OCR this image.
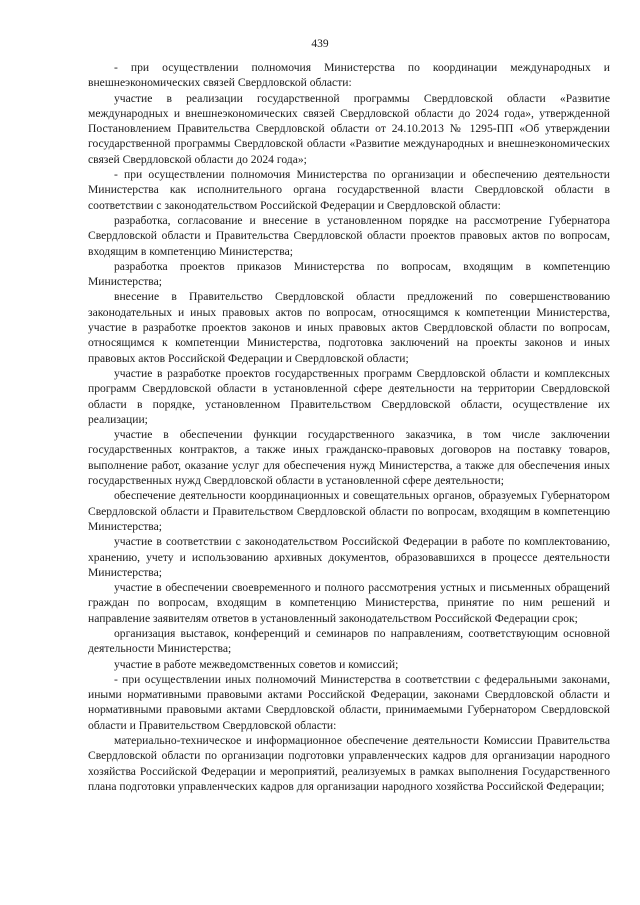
439

- при осуществлении полномочия Министерства по координации международных и внешнеэкономических связей Свердловской области:

участие в реализации государственной программы Свердловской области «Развитие международных и внешнеэкономических связей Свердловской области до 2024 года», утвержденной Постановлением Правительства Свердловской области от 24.10.2013 № 1295-ПП «Об утверждении государственной программы Свердловской области «Развитие международных и внешнеэкономических связей Свердловской области до 2024 года»;

- при осуществлении полномочия Министерства по организации и обеспечению деятельности Министерства как исполнительного органа государственной власти Свердловской области в соответствии с законодательством Российской Федерации и Свердловской области:

разработка, согласование и внесение в установленном порядке на рассмотрение Губернатора Свердловской области и Правительства Свердловской области проектов правовых актов по вопросам, входящим в компетенцию Министерства;

разработка проектов приказов Министерства по вопросам, входящим в компетенцию Министерства;

внесение в Правительство Свердловской области предложений по совершенствованию законодательных и иных правовых актов по вопросам, относящимся к компетенции Министерства, участие в разработке проектов законов и иных правовых актов Свердловской области по вопросам, относящимся к компетенции Министерства, подготовка заключений на проекты законов и иных правовых актов Российской Федерации и Свердловской области;

участие в разработке проектов государственных программ Свердловской области и комплексных программ Свердловской области в установленной сфере деятельности на территории Свердловской области в порядке, установленном Правительством Свердловской области, осуществление их реализации;

участие в обеспечении функции государственного заказчика, в том числе заключении государственных контрактов, а также иных гражданско-правовых договоров на поставку товаров, выполнение работ, оказание услуг для обеспечения нужд Министерства, а также для обеспечения иных государственных нужд Свердловской области в установленной сфере деятельности;

обеспечение деятельности координационных и совещательных органов, образуемых Губернатором Свердловской области и Правительством Свердловской области по вопросам, входящим в компетенцию Министерства;

участие в соответствии с законодательством Российской Федерации в работе по комплектованию, хранению, учету и использованию архивных документов, образовавшихся в процессе деятельности Министерства;

участие в обеспечении своевременного и полного рассмотрения устных и письменных обращений граждан по вопросам, входящим в компетенцию Министерства, принятие по ним решений и направление заявителям ответов в установленный законодательством Российской Федерации срок;

организация выставок, конференций и семинаров по направлениям, соответствующим основной деятельности Министерства;

участие в работе межведомственных советов и комиссий;

- при осуществлении иных полномочий Министерства в соответствии с федеральными законами, иными нормативными правовыми актами Российской Федерации, законами Свердловской области и нормативными правовыми актами Свердловской области, принимаемыми Губернатором Свердловской области и Правительством Свердловской области:

материально-техническое и информационное обеспечение деятельности Комиссии Правительства Свердловской области по организации подготовки управленческих кадров для организации народного хозяйства Российской Федерации и мероприятий, реализуемых в рамках выполнения Государственного плана подготовки управленческих кадров для организации народного хозяйства Российской Федерации;
